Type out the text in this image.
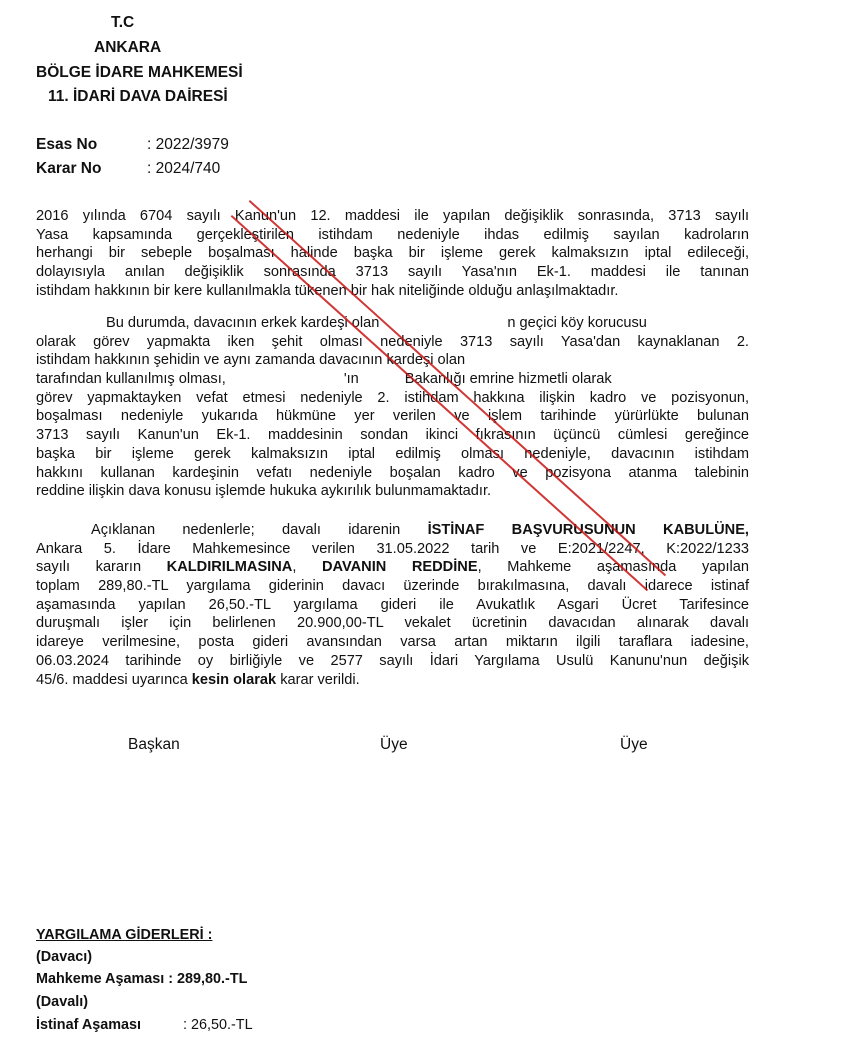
T.C
ANKARA
BÖLGE İDARE MAHKEMESİ
11. İDARİ DAVA DAİRESİ
Esas No	: 2022/3979
Karar No	: 2024/740
2016 yılında 6704 sayılı Kanun'un 12. maddesi ile yapılan değişiklik sonrasında, 3713 sayılı
Yasa kapsamında gerçekleştirilen istihdam nedeniyle ihdas edilmiş sayılan kadroların
herhangi bir sebeple boşalması halinde başka bir işleme gerek kalmaksızın iptal edileceği,
dolayısıyla anılan değişiklik sonrasında 3713 sayılı Yasa'nın Ek-1. maddesi ile tanınan
istihdam hakkının bir kere kullanılmakla tükenen bir hak niteliğinde olduğu anlaşılmaktadır.
Bu durumda, davacının erkek kardeşi olan	n geçici köy korucusu
olarak görev yapmakta iken şehit olması nedeniyle 3713 sayılı Yasa'dan kaynaklanan 2.
istihdam hakkının şehidin ve aynı zamanda davacının kardeşi olan
tarafından kullanılmış olması,	'ın	Bakanlığı emrine hizmetli olarak
görev yapmaktayken vefat etmesi nedeniyle 2. istihdam hakkına ilişkin kadro ve pozisyonun,
boşalması nedeniyle yukarıda hükmüne yer verilen ve işlem tarihinde yürürlükte bulunan
3713 sayılı Kanun'un Ek-1. maddesinin sondan ikinci fıkrasının üçüncü cümlesi gereğince
başka bir işleme gerek kalmaksızın iptal edilmiş olması nedeniyle, davacının istihdam
hakkını kullanan kardeşinin vefatı nedeniyle boşalan kadro ve pozisyona atanma talebinin
reddine ilişkin dava konusu işlemde hukuka aykırılık bulunmamaktadır.
Açıklanan nedenlerle; davalı idarenin İSTİNAF BAŞVURUSUNUN KABULÜNE,
Ankara 5. İdare Mahkemesince verilen 31.05.2022 tarih ve E:2021/2247, K:2022/1233
sayılı kararın KALDIRILMASINA, DAVANIN REDDİNE, Mahkeme aşamasında yapılan
toplam 289,80.-TL yargılama giderinin davacı üzerinde bırakılmasına, davalı idarece istinaf
aşamasında yapılan 26,50.-TL yargılama gideri ile Avukatlık Asgari Ücret Tarifesince
duruşmalı işler için belirlenen 20.900,00-TL vekalet ücretinin davacıdan alınarak davalı
idareye verilmesine, posta gideri avansından varsa artan miktarın ilgili taraflara iadesine,
06.03.2024 tarihinde oy birliğiyle ve 2577 sayılı İdari Yargılama Usulü Kanunu'nun değişik
45/6. maddesi uyarınca kesin olarak karar verildi.
Başkan	Üye	Üye
YARGILAMA GİDERLERİ :
(Davacı)
Mahkeme Aşaması : 289,80.-TL
(Davalı)
İstinaf Aşaması	: 26,50.-TL
